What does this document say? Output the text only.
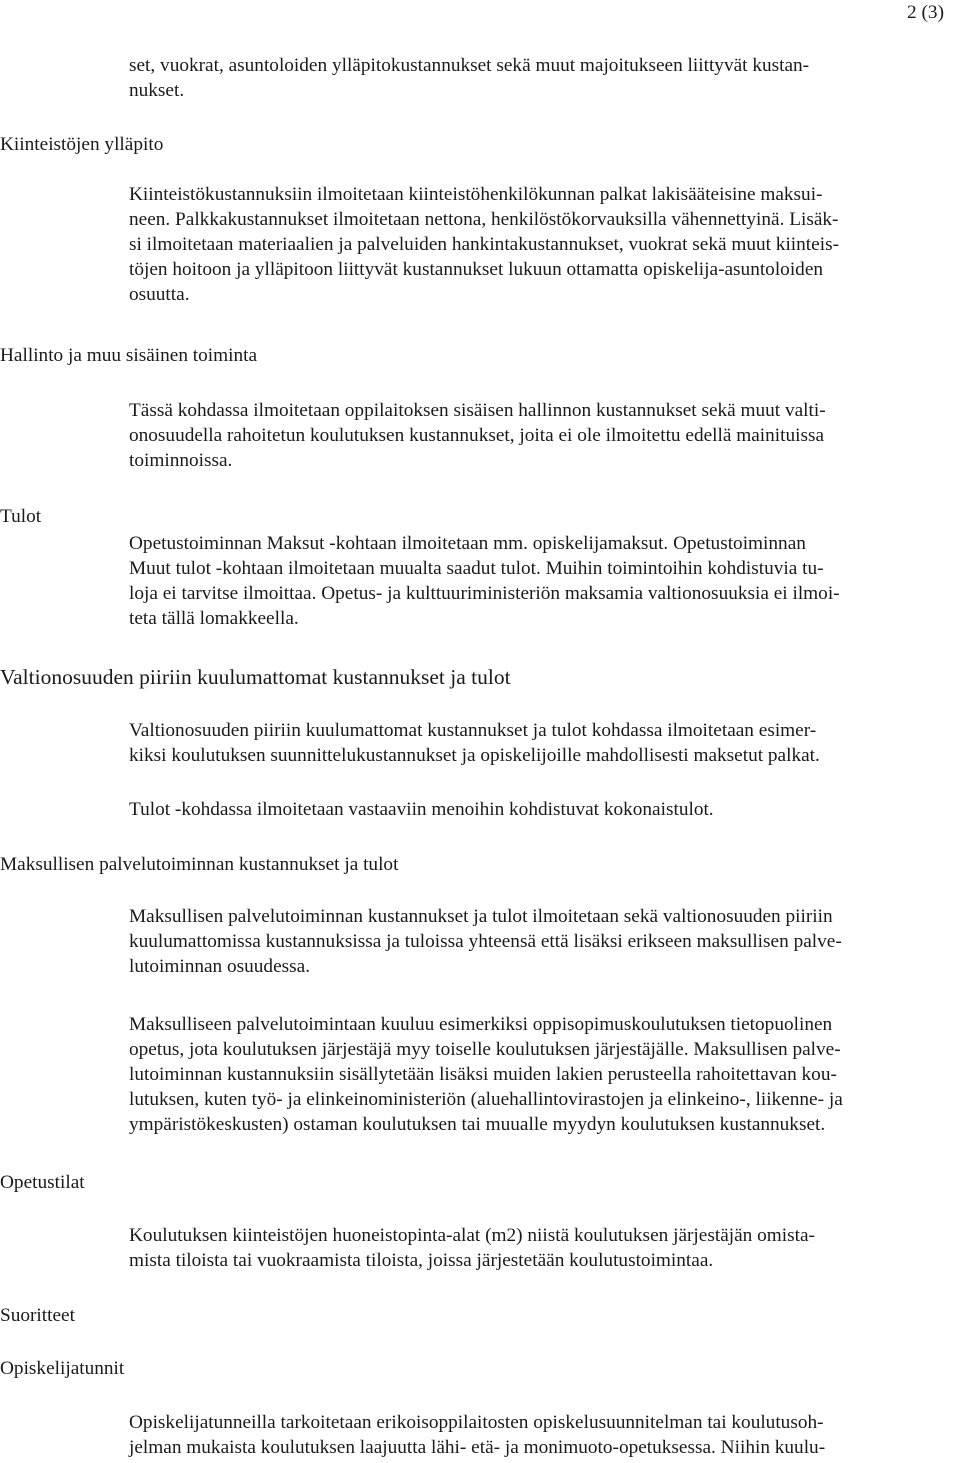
2 (3)

set, vuokrat, asuntoloiden ylläpitokustannukset sekä muut majoitukseen liittyvät kustan-

nukset.

Kiinteistöjen ylläpito

Kiinteistökustannuksiin ilmoitetaan kiinteistöhenkilökunnan palkat lakisääteisine maksui-

neen. Palkkakustannukset ilmoitetaan nettona, henkilöstökorvauksilla vähennettyinä. Lisäk-

si ilmoitetaan materiaalien ja palveluiden hankintakustannukset, vuokrat sekä muut kiinteis-

töjen hoitoon ja ylläpitoon liittyvät kustannukset lukuun ottamatta opiskelija-asuntoloiden

osuutta.

Hallinto ja muu sisäinen toiminta

Tässä kohdassa ilmoitetaan oppilaitoksen sisäisen hallinnon kustannukset sekä muut valti-

onosuudella rahoitetun koulutuksen kustannukset, joita ei ole ilmoitettu edellä mainituissa

toiminnoissa.

Tulot

Opetustoiminnan Maksut -kohtaan ilmoitetaan mm. opiskelijamaksut. Opetustoiminnan

Muut tulot -kohtaan ilmoitetaan muualta saadut tulot. Muihin toimintoihin kohdistuvia tu-

loja ei tarvitse ilmoittaa. Opetus- ja kulttuuriministeriön maksamia valtionosuuksia ei ilmoi-

teta tällä lomakkeella.

Valtionosuuden piiriin kuulumattomat kustannukset ja tulot

Valtionosuuden piiriin kuulumattomat kustannukset ja tulot kohdassa ilmoitetaan esimer-

kiksi koulutuksen suunnittelukustannukset ja opiskelijoille mahdollisesti maksetut palkat.

Tulot -kohdassa ilmoitetaan vastaaviin menoihin kohdistuvat kokonaistulot.

Maksullisen palvelutoiminnan kustannukset ja tulot

Maksullisen palvelutoiminnan kustannukset ja tulot ilmoitetaan sekä valtionosuuden piiriin

kuulumattomissa kustannuksissa ja tuloissa yhteensä että lisäksi erikseen maksullisen palve-

lutoiminnan osuudessa.

Maksulliseen palvelutoimintaan kuuluu esimerkiksi oppisopimuskoulutuksen tietopuolinen

opetus, jota koulutuksen järjestäjä myy toiselle koulutuksen järjestäjälle. Maksullisen palve-

lutoiminnan kustannuksiin sisällytetään lisäksi muiden lakien perusteella rahoitettavan kou-

lutuksen, kuten työ- ja elinkeinoministeriön (aluehallintovirastojen ja elinkeino-, liikenne- ja

ympäristökeskusten) ostaman koulutuksen tai muualle myydyn koulutuksen kustannukset.

Opetustilat

Koulutuksen kiinteistöjen huoneistopinta-alat (m2) niistä koulutuksen järjestäjän omista-

mista tiloista tai vuokraamista tiloista, joissa järjestetään koulutustoimintaa.

Suoritteet
Opiskelijatunnit

Opiskelijatunneilla tarkoitetaan erikoisoppilaitosten opiskelusuunnitelman tai koulutusoh-

jelman mukaista koulutuksen laajuutta lähi- etä- ja monimuoto-opetuksessa. Niihin kuulu-
